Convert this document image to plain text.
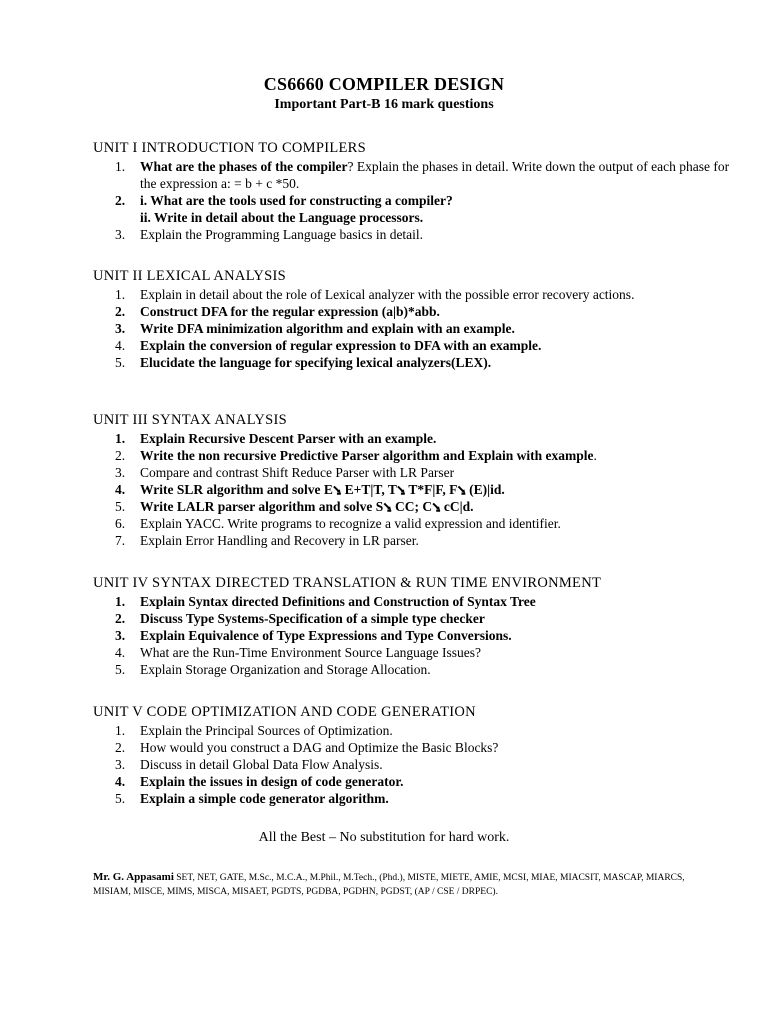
CS6660 COMPILER DESIGN
Important Part-B 16 mark questions
UNIT I INTRODUCTION TO COMPILERS
1.	What are the phases of the compiler? Explain the phases in detail. Write down the output of each phase for the expression a: = b + c *50.
2.	i. What are the tools used for constructing a compiler?
ii. Write in detail about the Language processors.
3.	Explain the Programming Language basics in detail.
UNIT II LEXICAL ANALYSIS
1.	Explain in detail about the role of Lexical analyzer with the possible error recovery actions.
2.	Construct DFA for the regular expression (a|b)*abb.
3.	Write DFA minimization algorithm and explain with an example.
4.	Explain the conversion of regular expression to DFA with an example.
5.	Elucidate the language for specifying lexical analyzers(LEX).
UNIT III SYNTAX ANALYSIS
1.	Explain Recursive Descent Parser with an example.
2.	Write the non recursive Predictive Parser algorithm and Explain with example.
3.	Compare and contrast Shift Reduce Parser with LR Parser
4.	Write SLR algorithm and solve E⭸ E+T|T, T⭸ T*F|F, F⭸ (E)|id.
5.	Write LALR parser algorithm and solve S⭸ CC; C⭸ cC|d.
6.	Explain YACC. Write programs to recognize a valid expression and identifier.
7.	Explain Error Handling and Recovery in LR parser.
UNIT IV SYNTAX DIRECTED TRANSLATION & RUN TIME ENVIRONMENT
1.	Explain Syntax directed Definitions and Construction of Syntax Tree
2.	Discuss Type Systems-Specification of a simple type checker
3.	Explain Equivalence of Type Expressions and Type Conversions.
4.	What are the Run-Time Environment Source Language Issues?
5.	Explain Storage Organization and Storage Allocation.
UNIT V CODE OPTIMIZATION AND CODE GENERATION
1.	Explain the Principal Sources of Optimization.
2.	How would you construct a DAG and Optimize the Basic Blocks?
3.	Discuss in detail Global Data Flow Analysis.
4.	Explain the issues in design of code generator.
5.	Explain a simple code generator algorithm.
All the Best – No substitution for hard work.
Mr. G. Appasami SET, NET, GATE, M.Sc., M.C.A., M.Phil., M.Tech., (Phd.), MISTE, MIETE, AMIE, MCSI, MIAE, MIACSIT, MASCAP, MIARCS, MISIAM, MISCE, MIMS, MISCA, MISAET, PGDTS, PGDBA, PGDHN, PGDST, (AP / CSE / DRPEC).
